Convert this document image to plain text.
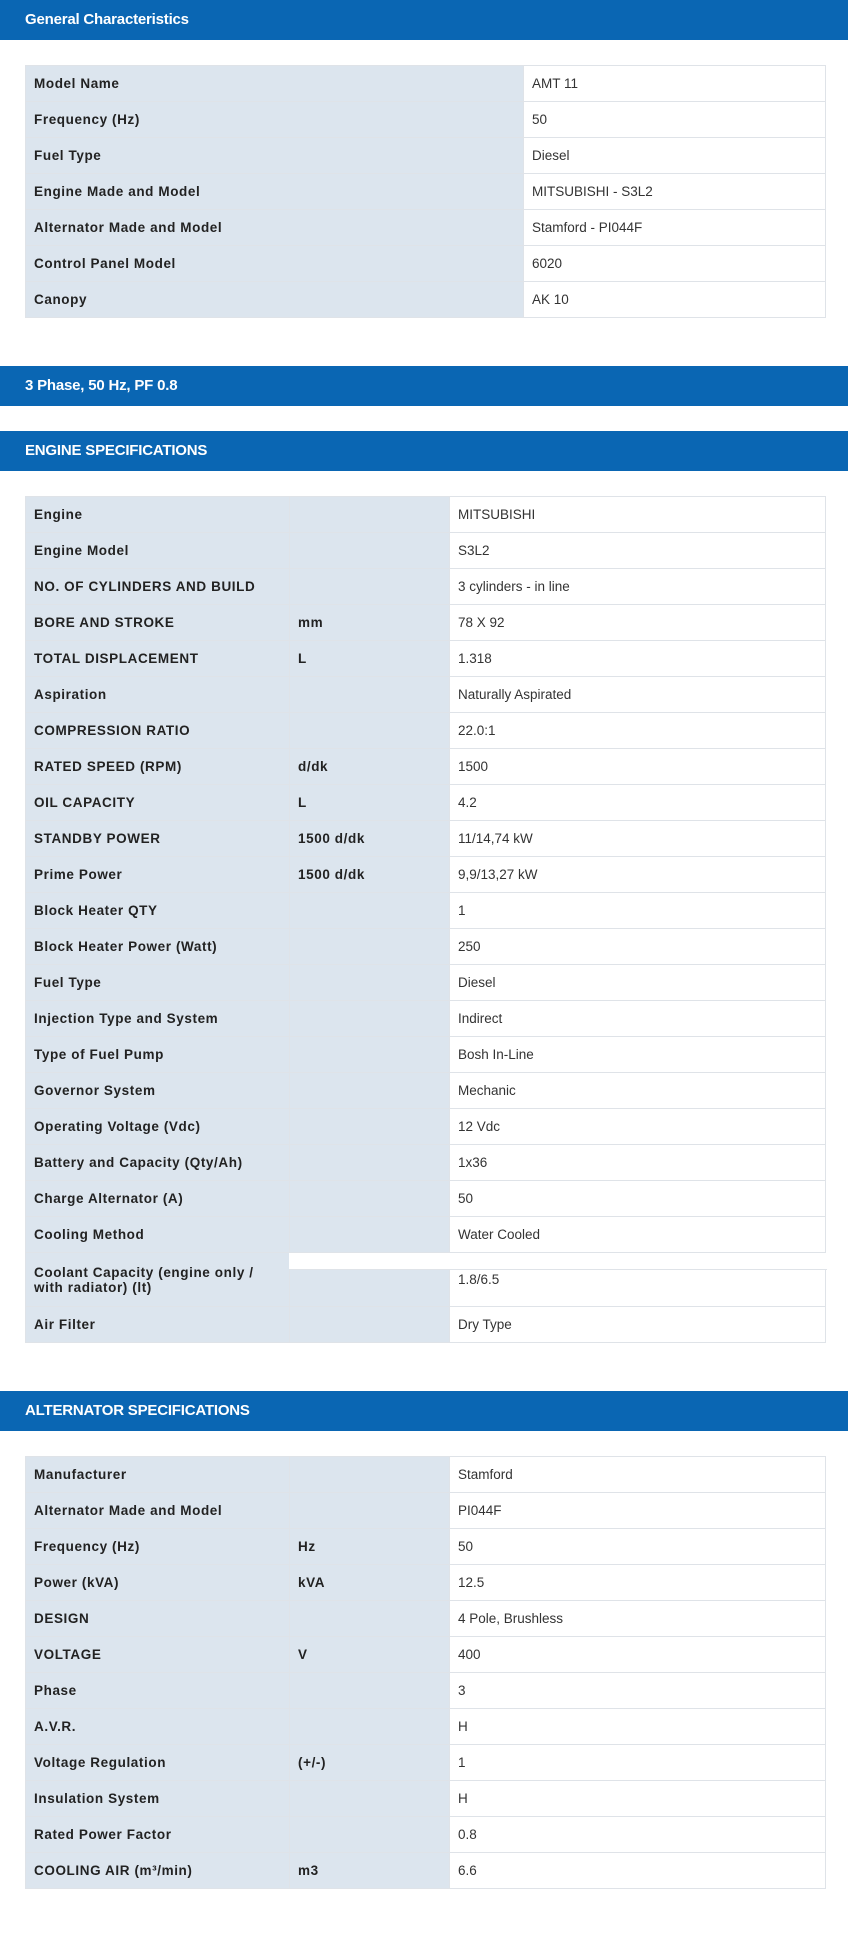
General Characteristics
Model Name	AMT 11
Frequency (Hz)	50
Fuel Type	Diesel
Engine Made and Model	MITSUBISHI - S3L2
Alternator Made and Model	Stamford - PI044F
Control Panel Model	6020
Canopy	AK 10
3 Phase, 50 Hz, PF 0.8
ENGINE SPECIFICATIONS
Engine		MITSUBISHI
Engine Model		S3L2
NO. OF CYLINDERS AND BUILD		3 cylinders - in line
BORE AND STROKE	mm	78 X 92
TOTAL DISPLACEMENT	L	1.318
Aspiration		Naturally Aspirated
COMPRESSION RATIO		22.0:1
RATED SPEED (RPM)	d/dk	1500
OIL CAPACITY	L	4.2
STANDBY POWER	1500 d/dk	11/14,74 kW
Prime Power	1500 d/dk	9,9/13,27 kW
Block Heater QTY		1
Block Heater Power (Watt)		250
Fuel Type		Diesel
Injection Type and System		Indirect
Type of Fuel Pump		Bosh In-Line
Governor System		Mechanic
Operating Voltage (Vdc)		12 Vdc
Battery and Capacity (Qty/Ah)		1x36
Charge Alternator (A)		50
Cooling Method		Water Cooled
Coolant Capacity (engine only / with radiator) (lt)		1.8/6.5
Air Filter		Dry Type
ALTERNATOR SPECIFICATIONS
Manufacturer		Stamford
Alternator Made and Model		PI044F
Frequency (Hz)	Hz	50
Power (kVA)	kVA	12.5
DESIGN		4 Pole, Brushless
VOLTAGE	V	400
Phase		3
A.V.R.		H
Voltage Regulation	(+/-)	1
Insulation System		H
Rated Power Factor		0.8
COOLING AIR (m³/min)	m3	6.6
